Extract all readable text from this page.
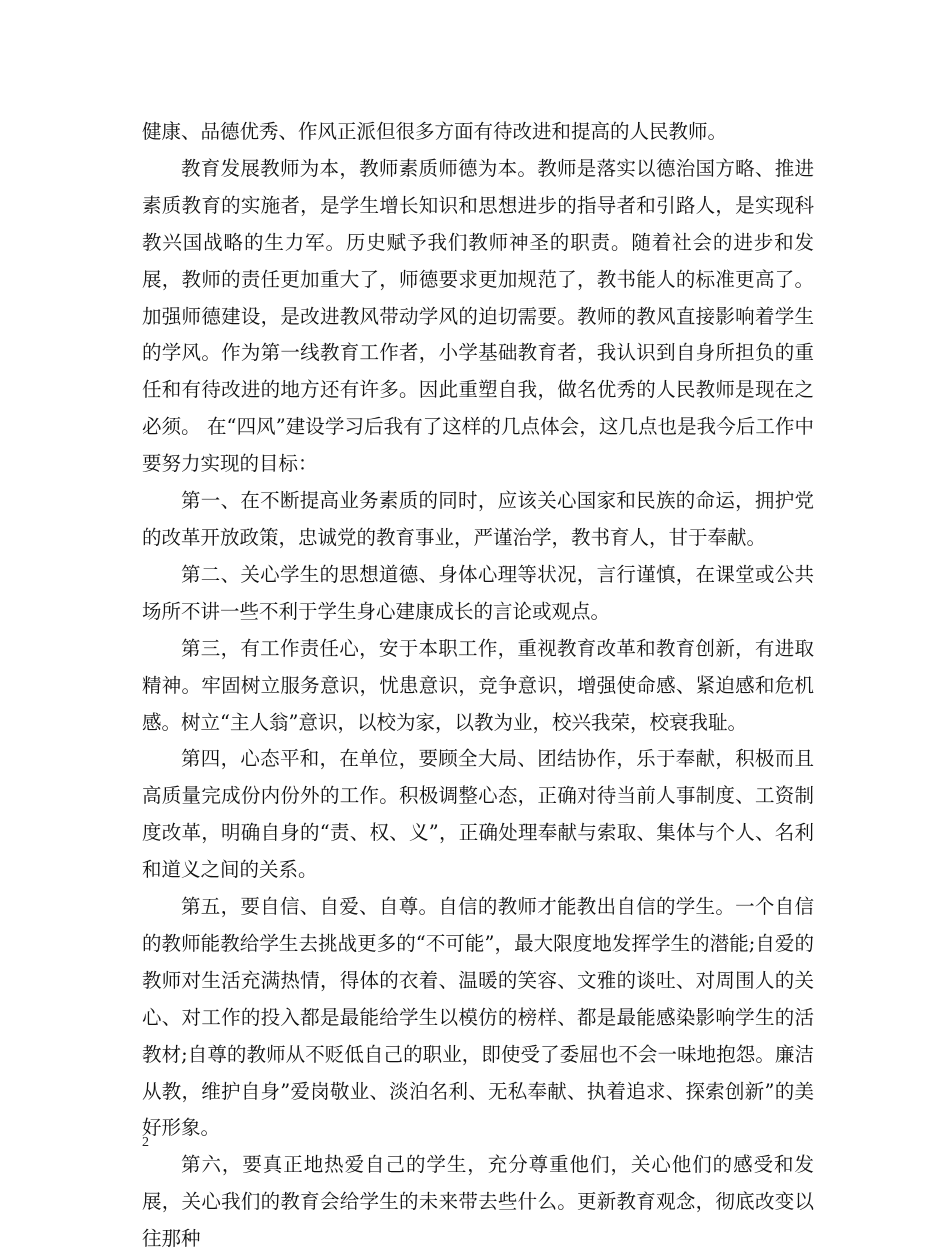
健康、品德优秀、作风正派但很多方面有待改进和提高的人民教师。

教育发展教师为本，教师素质师德为本。教师是落实以德治国方略、推进素质教育的实施者，是学生增长知识和思想进步的指导者和引路人，是实现科教兴国战略的生力军。历史赋予我们教师神圣的职责。随着社会的进步和发展，教师的责任更加重大了，师德要求更加规范了，教书能人的标准更高了。加强师德建设，是改进教风带动学风的迫切需要。教师的教风直接影响着学生的学风。作为第一线教育工作者，小学基础教育者，我认识到自身所担负的重任和有待改进的地方还有许多。因此重塑自我，做名优秀的人民教师是现在之必须。 在“四风”建设学习后我有了这样的几点体会，这几点也是我今后工作中要努力实现的目标：

第一、在不断提高业务素质的同时，应该关心国家和民族的命运，拥护党的改革开放政策，忠诚党的教育事业，严谨治学，教书育人，甘于奉献。

第二、关心学生的思想道德、身体心理等状况，言行谨慎，在课堂或公共场所不讲一些不利于学生身心建康成长的言论或观点。

第三，有工作责任心，安于本职工作，重视教育改革和教育创新，有进取精神。牢固树立服务意识，忧患意识，竞争意识，增强使命感、紧迫感和危机感。树立“主人翁”意识，以校为家，以教为业，校兴我荣，校衰我耻。

第四，心态平和，在单位，要顾全大局、团结协作，乐于奉献，积极而且高质量完成份内份外的工作。积极调整心态，正确对待当前人事制度、工资制度改革，明确自身的“责、权、义”，正确处理奉献与索取、集体与个人、名利和道义之间的关系。

第五，要自信、自爱、自尊。自信的教师才能教出自信的学生。一个自信的教师能教给学生去挑战更多的“不可能”，最大限度地发挥学生的潜能;自爱的教师对生活充满热情，得体的衣着、温暖的笑容、文雅的谈吐、对周围人的关心、对工作的投入都是最能给学生以模仿的榜样、都是最能感染影响学生的活教材;自尊的教师从不贬低自己的职业，即使受了委屈也不会一味地抱怨。廉洁从教，维护自身”爱岗敬业、淡泊名利、无私奉献、执着追求、探索创新”的美好形象。

第六，要真正地热爱自己的学生，充分尊重他们，关心他们的感受和发展，关心我们的教育会给学生的未来带去些什么。更新教育观念，彻底改变以往那种

2
